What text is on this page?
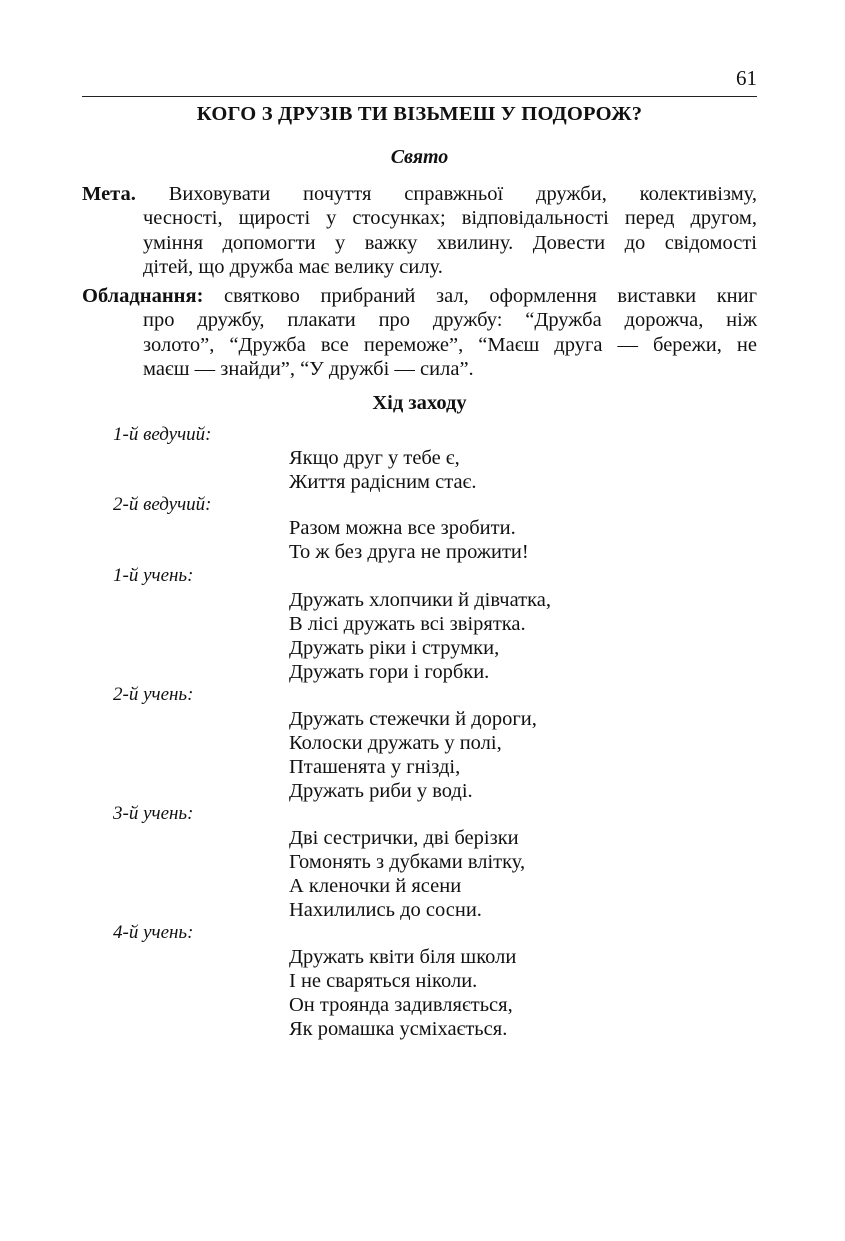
61
КОГО З ДРУЗІВ ТИ ВІЗЬМЕШ У ПОДОРОЖ?
Свято
Мета. Виховувати почуття справжньої дружби, колективізму,
чесності, щирості у стосунках; відповідальності перед другом,
уміння допомогти у важку хвилину. Довести до свідомості
дітей, що дружба має велику силу.
Обладнання: святково прибраний зал, оформлення виставки книг
про дружбу, плакати про дружбу: “Дружба дорожча, ніж
золото”, “Дружба все переможе”, “Маєш друга — бережи, не
маєш — знайди”, “У дружбі — сила”.
Хід заходу
1-й ведучий:
Якщо друг у тебе є,
Життя радісним стає.
2-й ведучий:
Разом можна все зробити.
То ж без друга не прожити!
1-й учень:
Дружать хлопчики й дівчатка,
В лісі дружать всі звірятка.
Дружать ріки і струмки,
Дружать гори і горбки.
2-й учень:
Дружать стежечки й дороги,
Колоски дружать у полі,
Пташенята у гнізді,
Дружать риби у воді.
3-й учень:
Дві сестрички, дві берізки
Гомонять з дубками влітку,
А кленочки й ясени
Нахилились до сосни.
4-й учень:
Дружать квіти біля школи
І не сваряться ніколи.
Он троянда задивляється,
Як ромашка усміхається.
